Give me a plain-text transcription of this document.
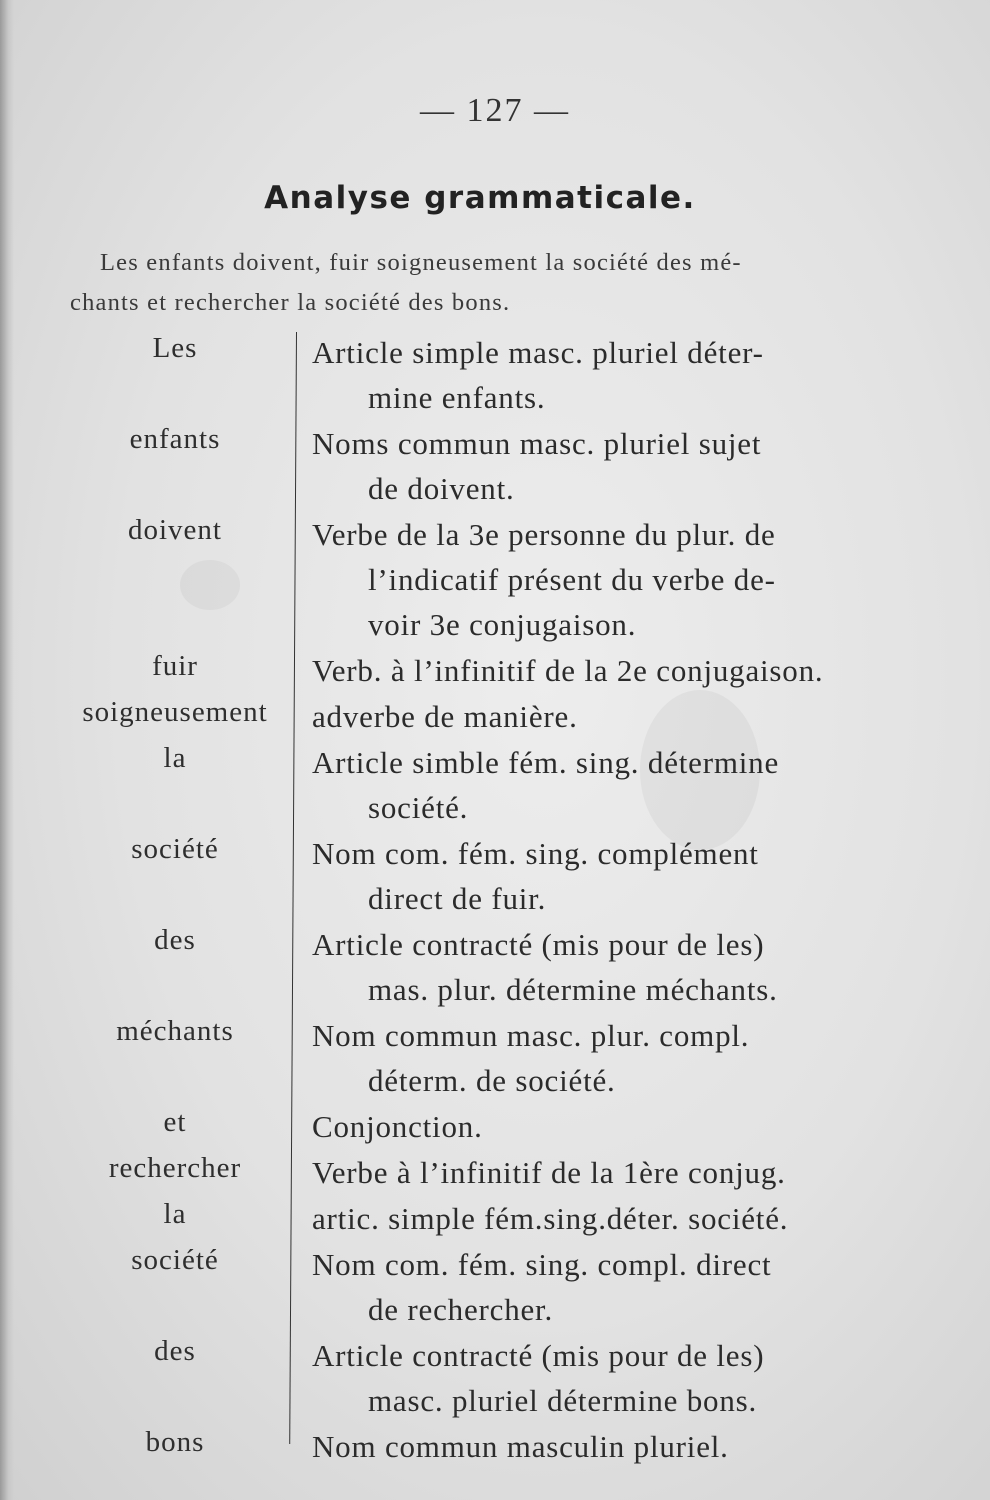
— 127 —
Analyse grammaticale.
Les enfants doivent, fuir soigneusement la société des mé-
chants et rechercher la société des bons.
Les	Article simple masc. pluriel déter-
mine enfants.
enfants	Noms commun masc. pluriel sujet
de doivent.
doivent	Verbe de la 3e personne du plur. de
l’indicatif présent du verbe de-
voir 3e conjugaison.
fuir	Verb. à l’infinitif de la 2e conjugaison.
soigneusement	adverbe de manière.
la	Article simble fém. sing. détermine
société.
société	Nom com. fém. sing. complément
direct de fuir.
des	Article contracté (mis pour de les)
mas. plur. détermine méchants.
méchants	Nom commun masc. plur. compl.
déterm. de société.
et	Conjonction.
rechercher	Verbe à l’infinitif de la 1ère conjug.
la	artic. simple fém.sing.déter. société.
société	Nom com. fém. sing. compl. direct
de rechercher.
des	Article contracté (mis pour de les)
masc. pluriel détermine bons.
bons	Nom commun masculin pluriel.
